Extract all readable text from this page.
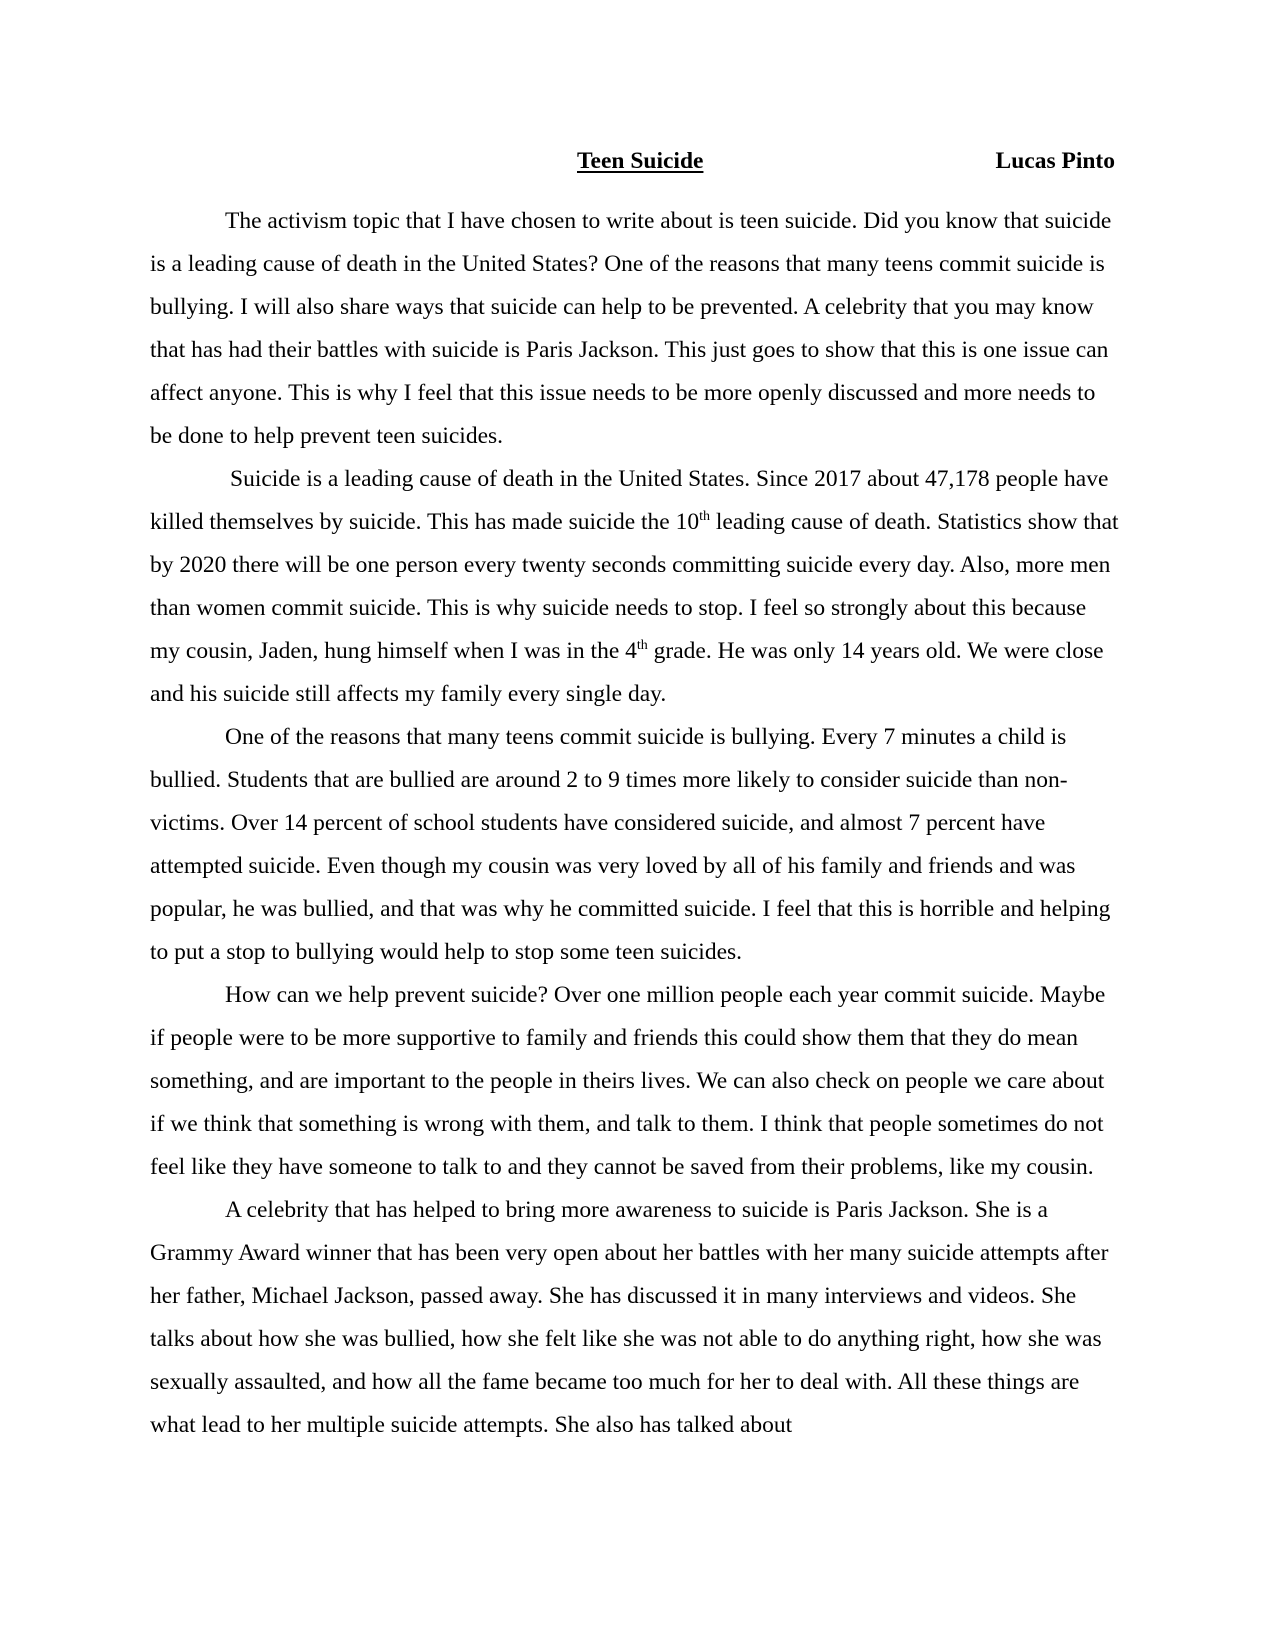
Teen Suicide	Lucas Pinto

The activism topic that I have chosen to write about is teen suicide. Did you know that suicide is a leading cause of death in the United States? One of the reasons that many teens commit suicide is bullying. I will also share ways that suicide can help to be prevented. A celebrity that you may know that has had their battles with suicide is Paris Jackson. This just goes to show that this is one issue can affect anyone. This is why I feel that this issue needs to be more openly discussed and more needs to be done to help prevent teen suicides.

Suicide is a leading cause of death in the United States. Since 2017 about 47,178 people have killed themselves by suicide. This has made suicide the 10th leading cause of death. Statistics show that by 2020 there will be one person every twenty seconds committing suicide every day. Also, more men than women commit suicide. This is why suicide needs to stop. I feel so strongly about this because my cousin, Jaden, hung himself when I was in the 4th grade. He was only 14 years old. We were close and his suicide still affects my family every single day.

One of the reasons that many teens commit suicide is bullying. Every 7 minutes a child is bullied. Students that are bullied are around 2 to 9 times more likely to consider suicide than non-victims. Over 14 percent of school students have considered suicide, and almost 7 percent have attempted suicide. Even though my cousin was very loved by all of his family and friends and was popular, he was bullied, and that was why he committed suicide. I feel that this is horrible and helping to put a stop to bullying would help to stop some teen suicides.

How can we help prevent suicide? Over one million people each year commit suicide. Maybe if people were to be more supportive to family and friends this could show them that they do mean something, and are important to the people in theirs lives. We can also check on people we care about if we think that something is wrong with them, and talk to them. I think that people sometimes do not feel like they have someone to talk to and they cannot be saved from their problems, like my cousin.

A celebrity that has helped to bring more awareness to suicide is Paris Jackson. She is a Grammy Award winner that has been very open about her battles with her many suicide attempts after her father, Michael Jackson, passed away. She has discussed it in many interviews and videos. She talks about how she was bullied, how she felt like she was not able to do anything right, how she was sexually assaulted, and how all the fame became too much for her to deal with. All these things are what lead to her multiple suicide attempts. She also has talked about
